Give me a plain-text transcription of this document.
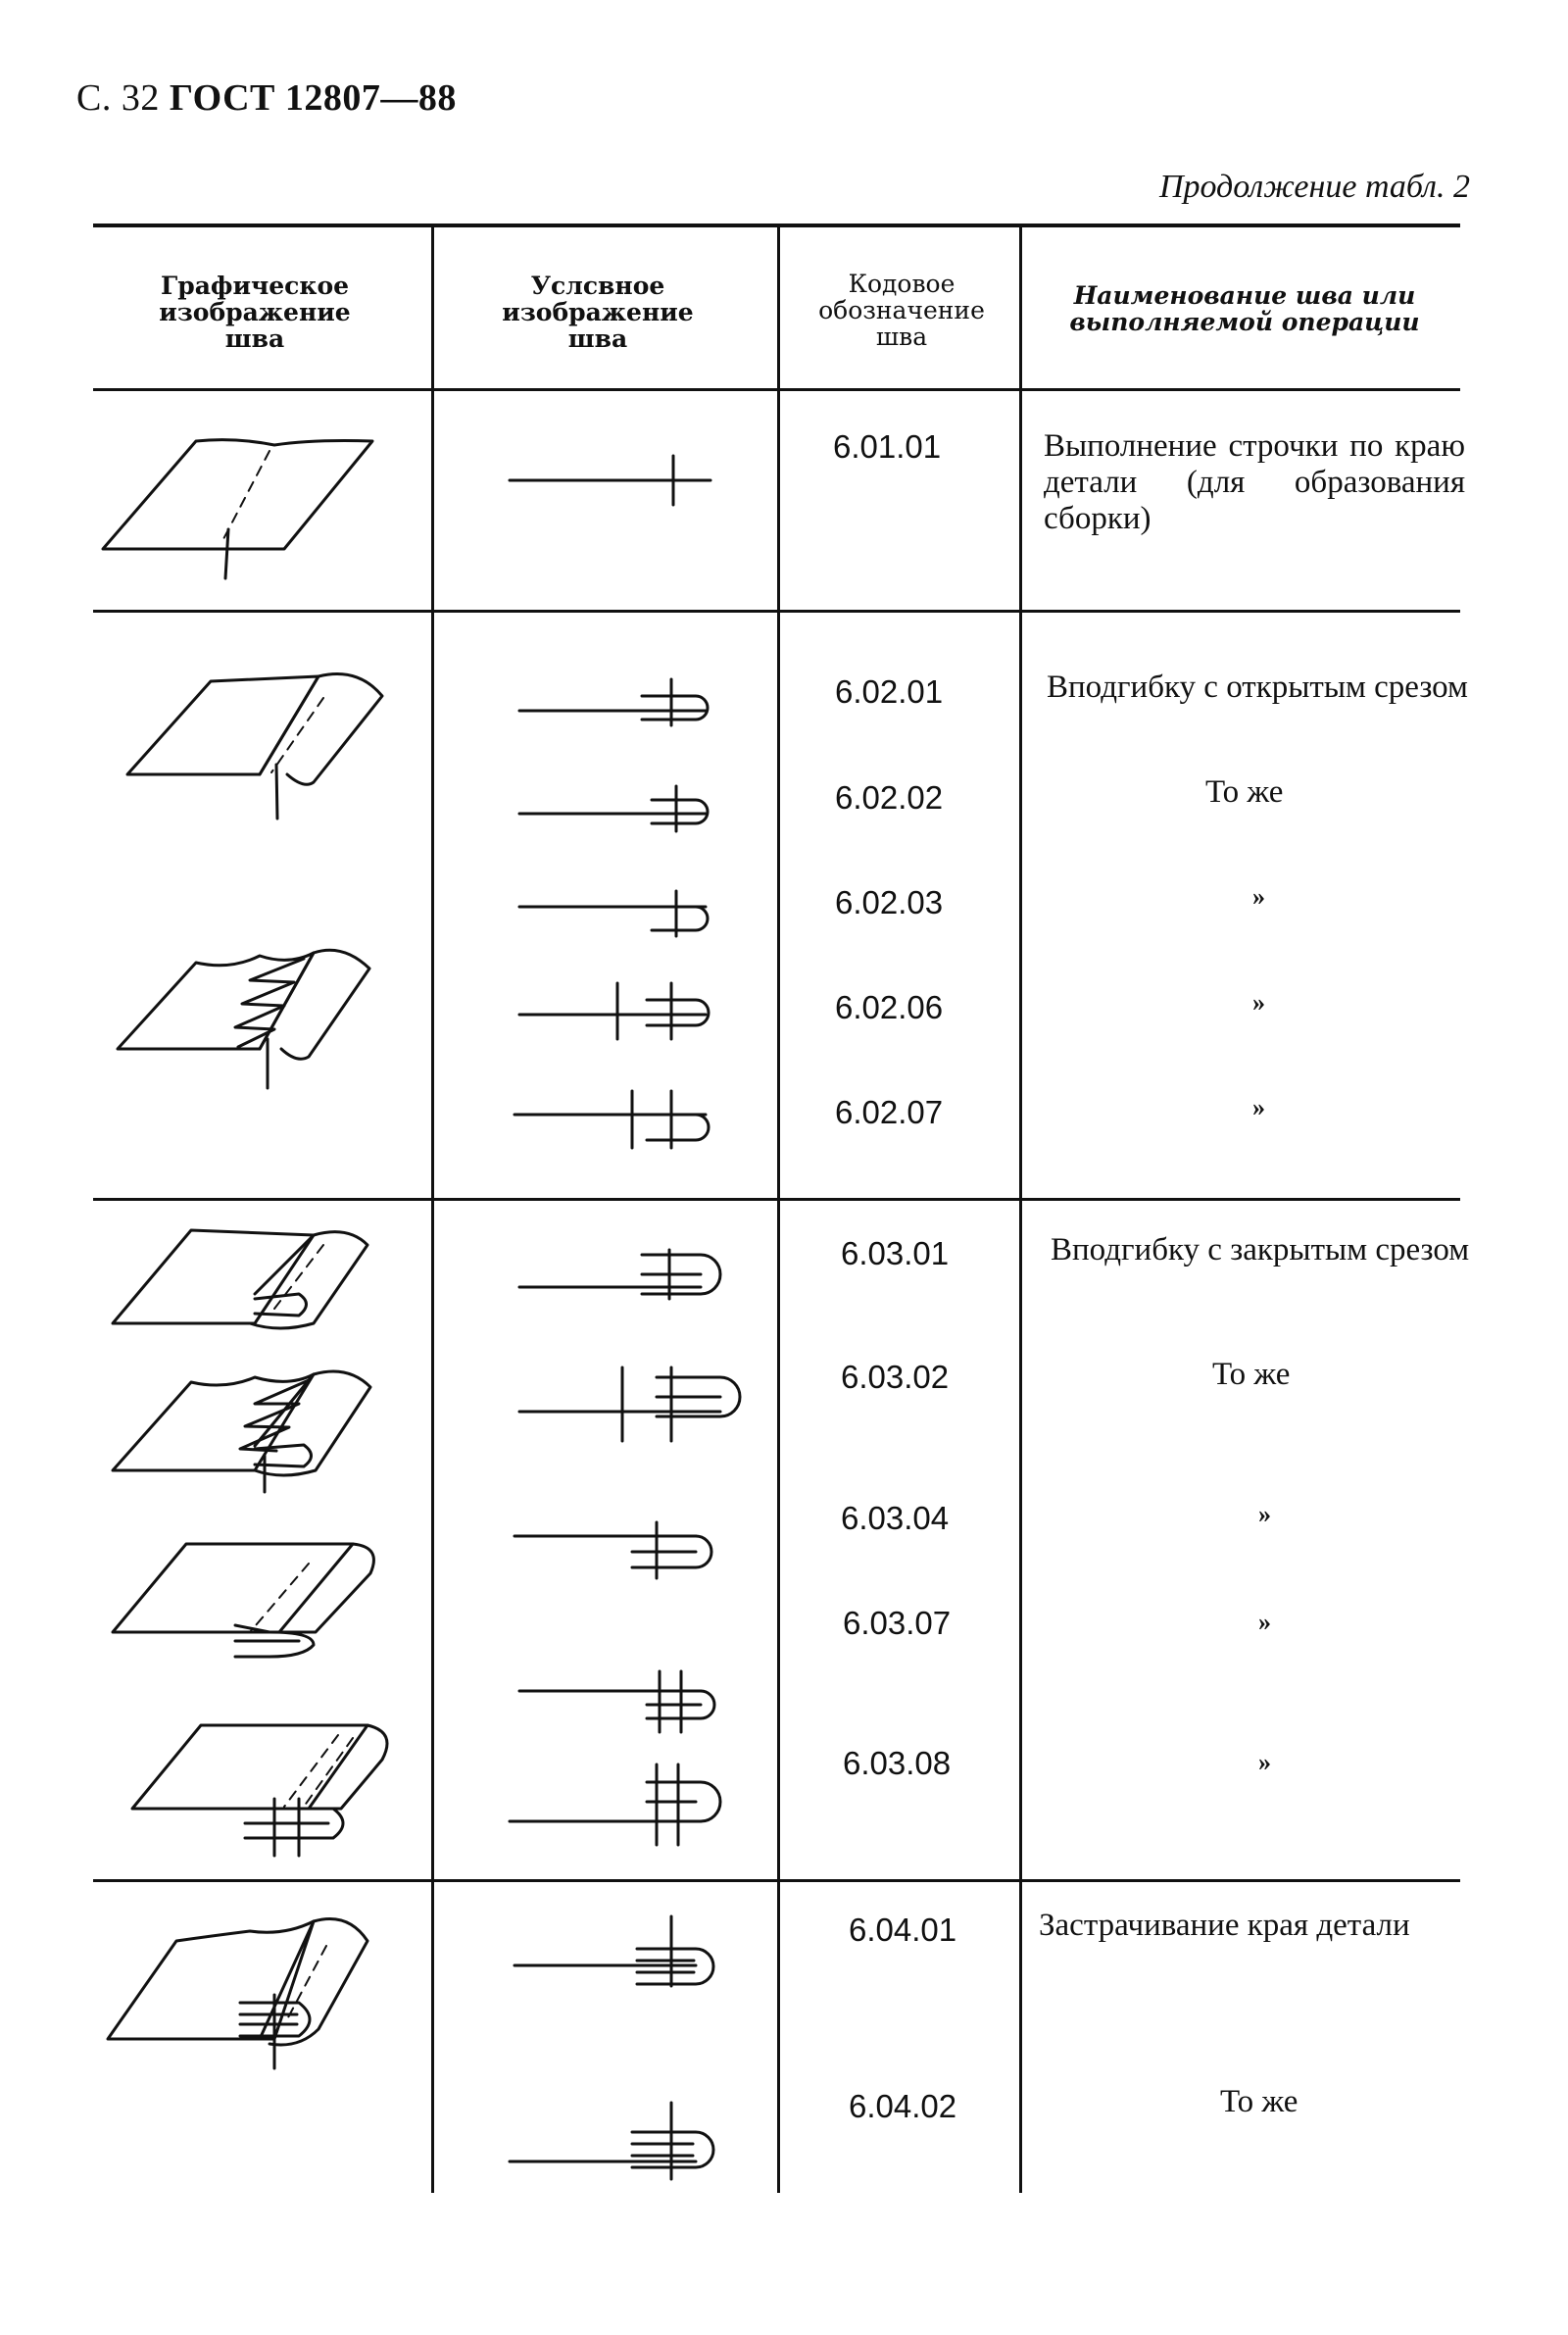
С. 32 ГОСТ 12807—88
Продолжение табл. 2
Графическое изображение шва
Услсвное изображение шва
Кодовое обозначение шва
Наименование шва или выполняемой операции
6.01.01
6.02.01
6.02.02
6.02.03
6.02.06
6.02.07
6.03.01
6.03.02
6.03.04
6.03.07
6.03.08
6.04.01
6.04.02
Выполнение строчки по краю детали (для образования сборки)
Вподгибку с открытым срезом
То же
»
»
»
Вподгибку с закрытым срезом
То же
»
»
»
Застрачивание края детали
То же
